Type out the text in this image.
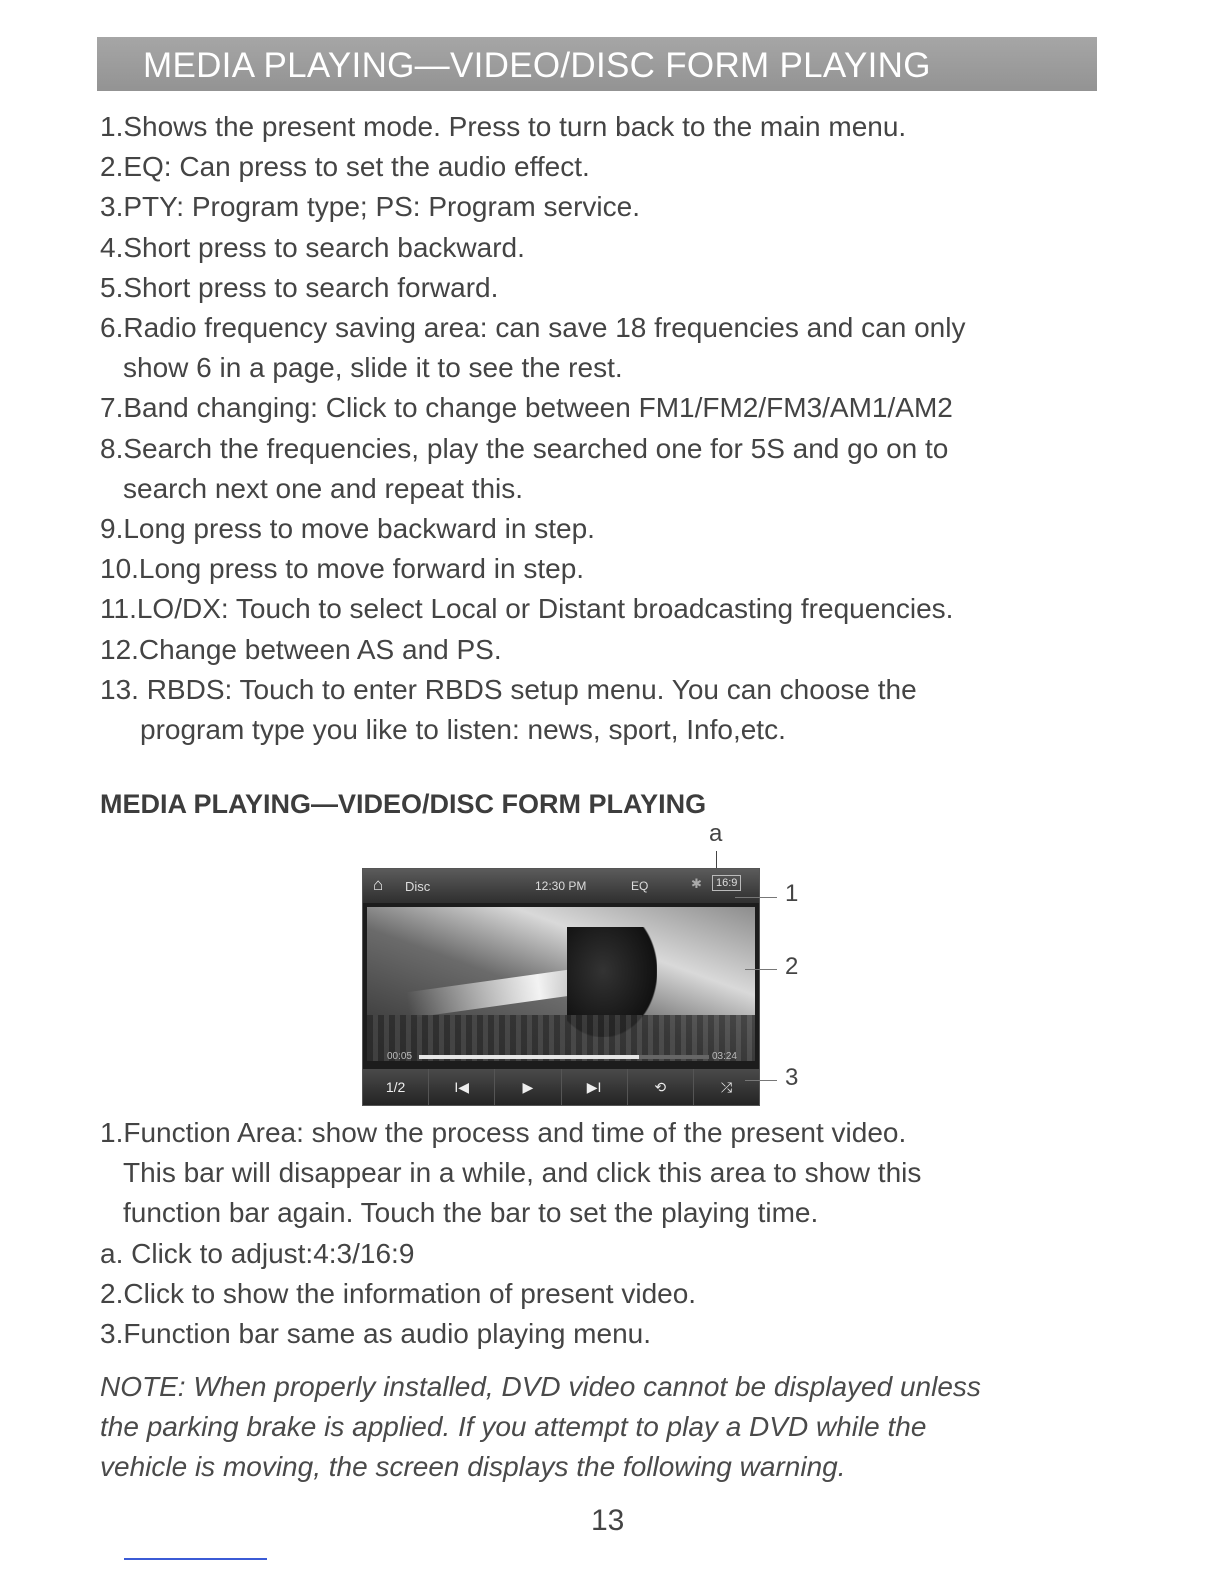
MEDIA PLAYING—VIDEO/DISC FORM PLAYING
1.Shows the present mode. Press to turn back to the main menu.
2.EQ: Can press to set the audio effect.
3.PTY: Program type; PS: Program service.
4.Short press to search backward.
5.Short press to search forward.
6.Radio frequency saving area: can save 18 frequencies and can only
show 6 in a page, slide it to see the rest.
7.Band changing: Click to change between FM1/FM2/FM3/AM1/AM2
8.Search the frequencies, play the searched one for 5S and go on to
search next one and repeat this.
9.Long press to move backward in step.
10.Long press to move forward in step.
11.LO/DX: Touch to select Local or Distant broadcasting frequencies.
12.Change between AS and PS.
13. RBDS: Touch to enter RBDS setup menu. You can choose the
program type you like to listen: news, sport, Info,etc.
MEDIA PLAYING—VIDEO/DISC FORM PLAYING
a
⌂ Disc	12:30 PM	EQ	✱	16:9
00:05	03:24
1/2	I◀	▶	▶I	⟲	⤮
1
2
3
1.Function Area: show the process and time of the present video.
This bar will disappear in a while, and click this area to show this
function bar again. Touch the bar to set the playing time.
a. Click to adjust:4:3/16:9
2.Click to show the information of present video.
3.Function bar same as audio playing menu.
NOTE: When properly installed, DVD video cannot be displayed unless
the parking brake is applied. If you attempt to play a DVD while the
vehicle is moving, the screen displays the following warning.
13
